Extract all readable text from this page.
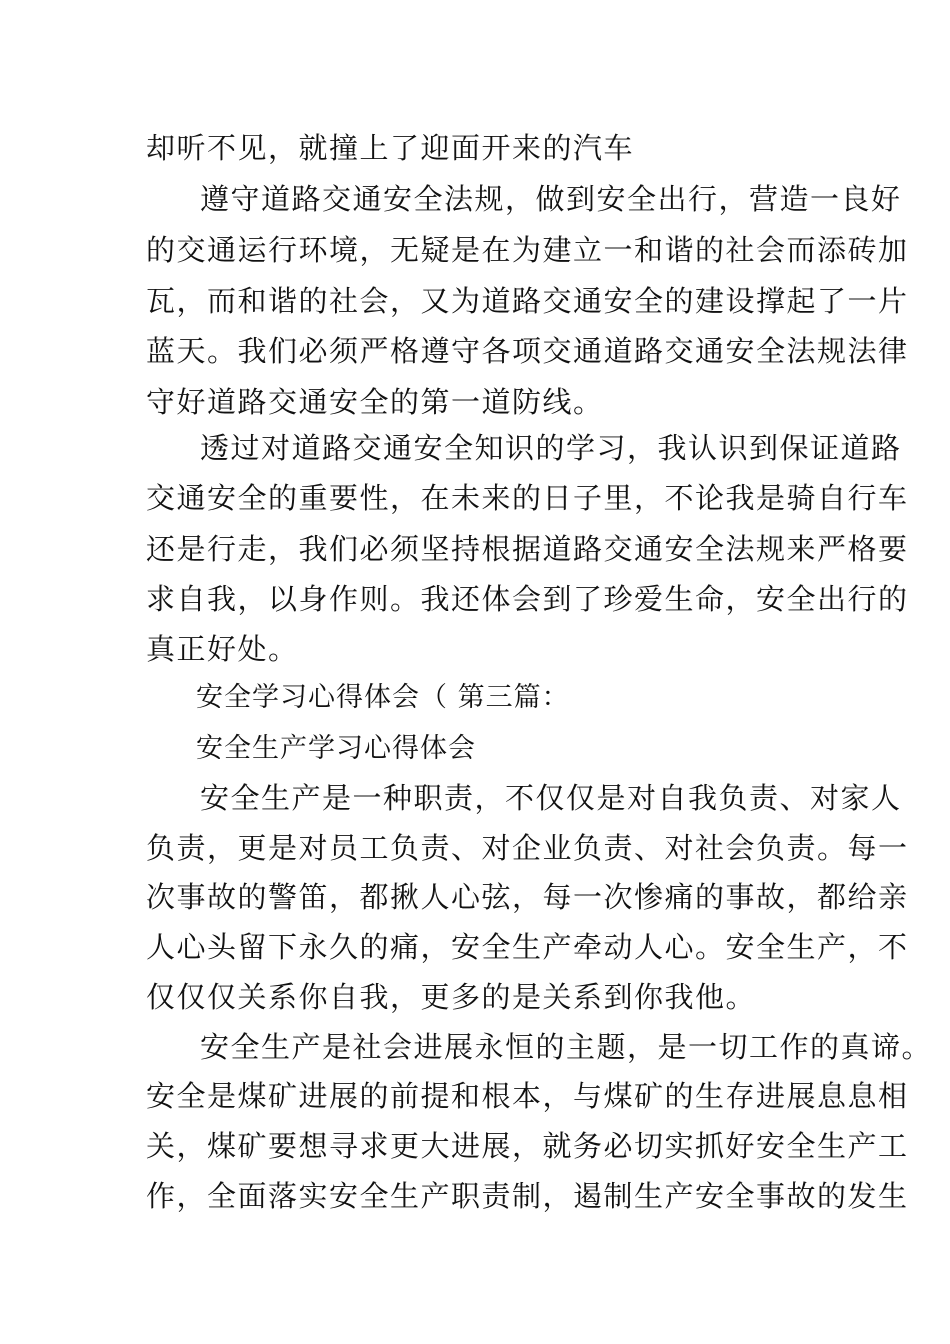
却听不见，就撞上了迎面开来的汽车
遵守道路交通安全法规，做到安全出行，营造一良好
的交通运行环境，无疑是在为建立一和谐的社会而添砖加
瓦，而和谐的社会，又为道路交通安全的建设撑起了一片
蓝天。我们必须严格遵守各项交通道路交通安全法规法律
守好道路交通安全的第一道防线。
透过对道路交通安全知识的学习，我认识到保证道路
交通安全的重要性，在未来的日子里，不论我是骑自行车
还是行走，我们必须坚持根据道路交通安全法规来严格要
求自我，以身作则。我还体会到了珍爱生命，安全出行的
真正好处。
安全学习心得体会（ 第三篇：
安全生产学习心得体会
安全生产是一种职责，不仅仅是对自我负责、对家人
负责，更是对员工负责、对企业负责、对社会负责。每一
次事故的警笛，都揪人心弦，每一次惨痛的事故，都给亲
人心头留下永久的痛，安全生产牵动人心。安全生产，不
仅仅仅关系你自我，更多的是关系到你我他。
安全生产是社会进展永恒的主题，是一切工作的真谛。
安全是煤矿进展的前提和根本，与煤矿的生存进展息息相
关，煤矿要想寻求更大进展，就务必切实抓好安全生产工
作，全面落实安全生产职责制，遏制生产安全事故的发生
